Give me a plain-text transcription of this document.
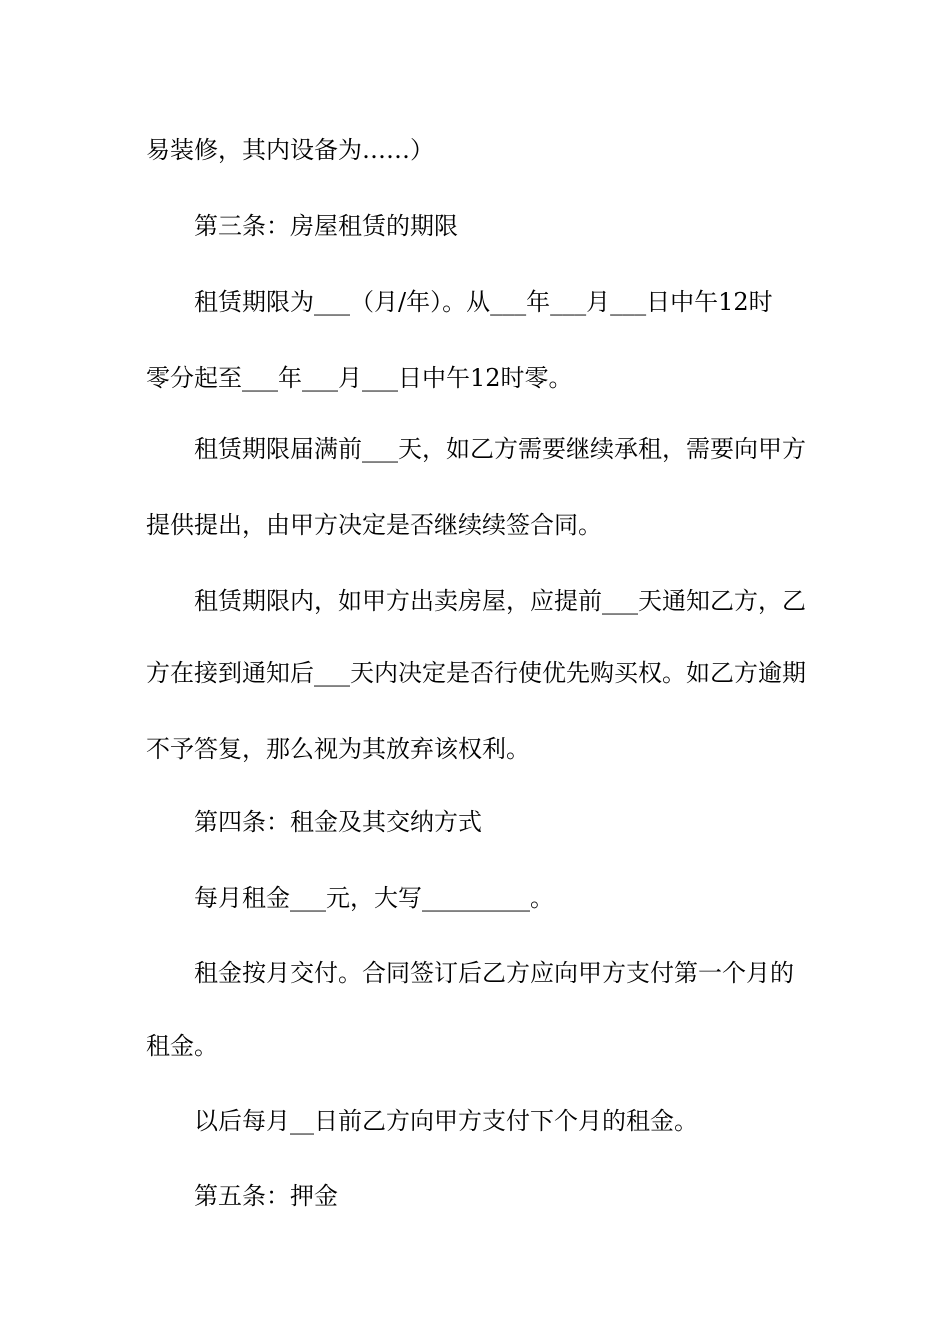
易装修，其内设备为……）
第三条：房屋租赁的期限
租赁期限为___（月/年）。从___年___月___日中午12时
零分起至___年___月___日中午12时零。
租赁期限届满前___天，如乙方需要继续承租，需要向甲方
提供提出，由甲方决定是否继续续签合同。
租赁期限内，如甲方出卖房屋，应提前___天通知乙方，乙
方在接到通知后___天内决定是否行使优先购买权。如乙方逾期
不予答复，那么视为其放弃该权利。
第四条：租金及其交纳方式
每月租金___元，大写_________。
租金按月交付。合同签订后乙方应向甲方支付第一个月的
租金。
以后每月__日前乙方向甲方支付下个月的租金。
第五条：押金
